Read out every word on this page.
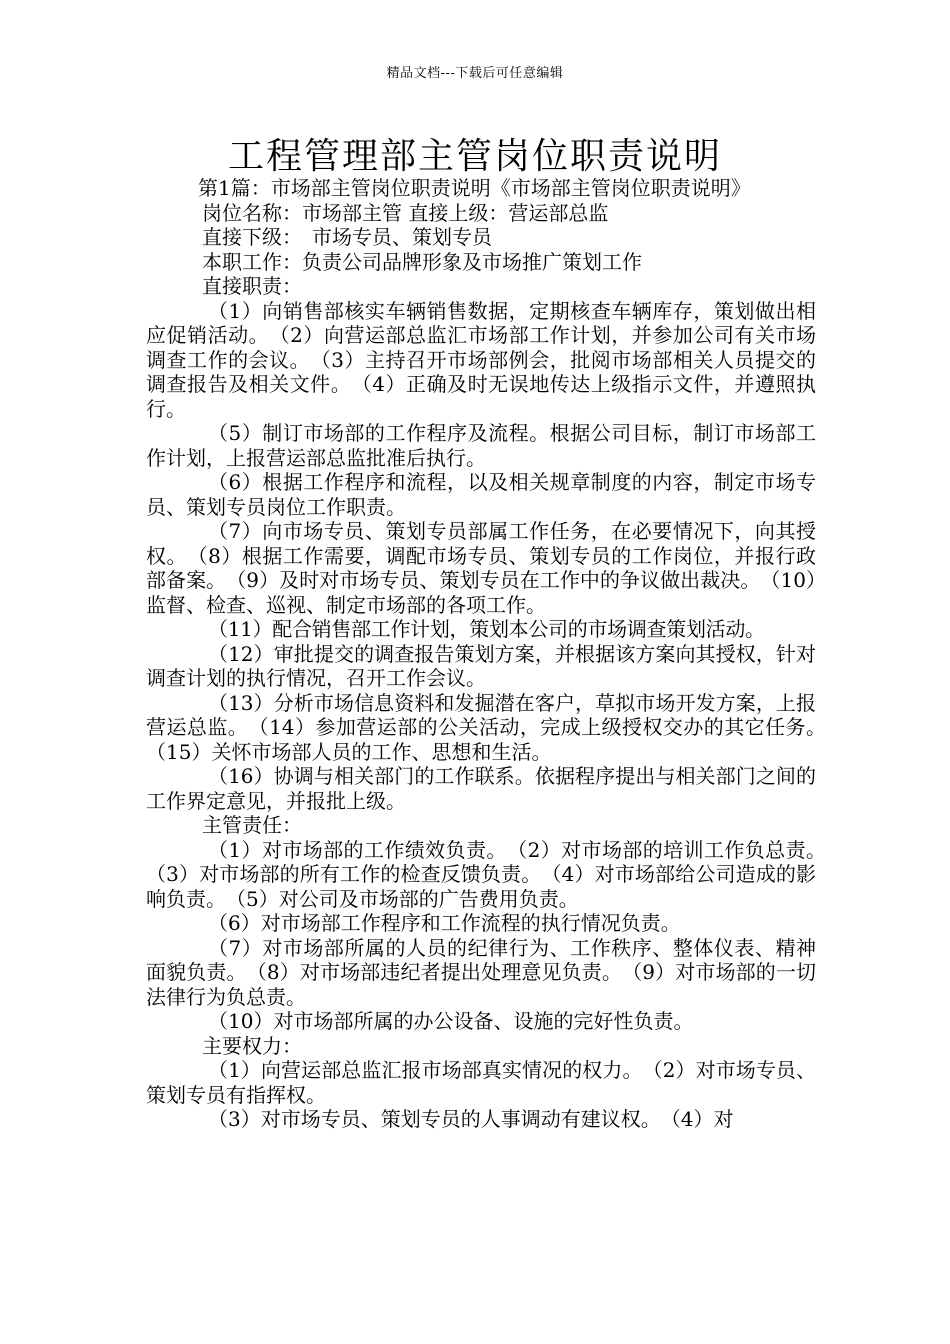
精品文档---下载后可任意编辑
工程管理部主管岗位职责说明

第1篇：市场部主管岗位职责说明《市场部主管岗位职责说明》

岗位名称：市场部主管 直接上级：营运部总监

直接下级：　市场专员、策划专员

本职工作：负责公司品牌形象及市场推广策划工作

直接职责：

（1）向销售部核实车辆销售数据，定期核查车辆库存，策划做出相应促销活动。　（2）向营运部总监汇市场部工作计划，并参加公司有关市场调查工作的会议。　（3）主持召开市场部例会，批阅市场部相关人员提交的调查报告及相关文件。　（4）正确及时无误地传达上级指示文件，并遵照执行。

（5）制订市场部的工作程序及流程。根据公司目标，制订市场部工作计划，上报营运部总监批准后执行。

（6）根据工作程序和流程，以及相关规章制度的内容，制定市场专员、策划专员岗位工作职责。

（7）向市场专员、策划专员部属工作任务，在必要情况下，向其授权。　（8）根据工作需要，调配市场专员、策划专员的工作岗位，并报行政部备案。　（9）及时对市场专员、策划专员在工作中的争议做出裁决。　（10）监督、检查、巡视、制定市场部的各项工作。

（11）配合销售部工作计划，策划本公司的市场调查策划活动。

（12）审批提交的调查报告策划方案，并根据该方案向其授权，针对调查计划的执行情况，召开工作会议。

（13）分析市场信息资料和发掘潜在客户，草拟市场开发方案，上报营运总监。　（14）参加营运部的公关活动，完成上级授权交办的其它任务。　（15）关怀市场部人员的工作、思想和生活。

（16）协调与相关部门的工作联系。依据程序提出与相关部门之间的工作界定意见，并报批上级。

主管责任：

（1）对市场部的工作绩效负责。　（2）对市场部的培训工作负总责。　（3）对市场部的所有工作的检查反馈负责。　（4）对市场部给公司造成的影响负责。　（5）对公司及市场部的广告费用负责。

（6）对市场部工作程序和工作流程的执行情况负责。

（7）对市场部所属的人员的纪律行为、工作秩序、整体仪表、精神面貌负责。　（8）对市场部违纪者提出处理意见负责。　（9）对市场部的一切法律行为负总责。

（10）对市场部所属的办公设备、设施的完好性负责。

主要权力：

（1）向营运部总监汇报市场部真实情况的权力。　（2）对市场专员、策划专员有指挥权。

（3）对市场专员、策划专员的人事调动有建议权。　（4）对
